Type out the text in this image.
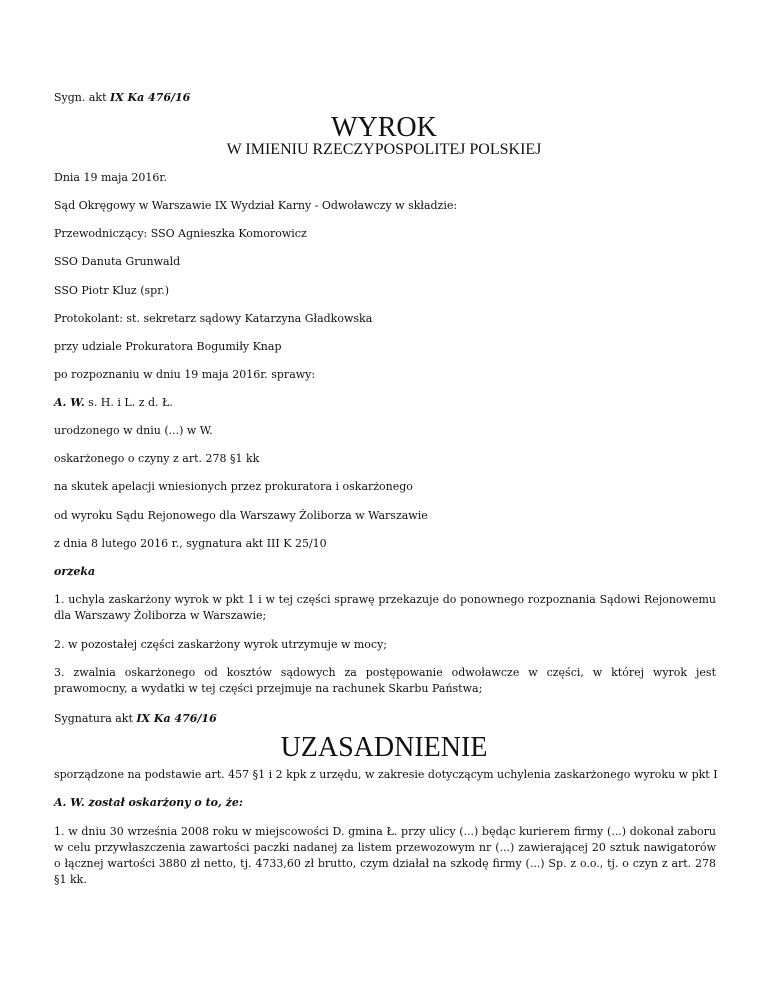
Sygn. akt IX Ka 476/16

WYROK
W IMIENIU RZECZYPOSPOLITEJ POLSKIEJ

Dnia 19 maja 2016r.

Sąd Okręgowy w Warszawie IX Wydział Karny - Odwoławczy w składzie:

Przewodniczący: SSO Agnieszka Komorowicz

SSO Danuta Grunwald

SSO Piotr Kluz (spr.)

Protokolant: st. sekretarz sądowy Katarzyna Gładkowska

przy udziale Prokuratora Bogumiły Knap

po rozpoznaniu w dniu 19 maja 2016r. sprawy:

A. W. s. H. i L. z d. Ł.

urodzonego w dniu (...) w W.

oskarżonego o czyny z art. 278 §1 kk

na skutek apelacji wniesionych przez prokuratora i oskarżonego

od wyroku Sądu Rejonowego dla Warszawy Żoliborza w Warszawie

z dnia 8 lutego 2016 r., sygnatura akt III K 25/10

orzeka

1. uchyla zaskarżony wyrok w pkt 1 i w tej części sprawę przekazuje do ponownego rozpoznania Sądowi Rejonowemu dla Warszawy Żoliborza w Warszawie;

2. w pozostałej części zaskarżony wyrok utrzymuje w mocy;

3. zwalnia oskarżonego od kosztów sądowych za postępowanie odwoławcze w części, w której wyrok jest prawomocny, a wydatki w tej części przejmuje na rachunek Skarbu Państwa;

Sygnatura akt IX Ka 476/16

UZASADNIENIE

sporządzone na podstawie art. 457 §1 i 2 kpk z urzędu, w zakresie dotyczącym uchylenia zaskarżonego wyroku w pkt I

A. W. został oskarżony o to, że:

1. w dniu 30 września 2008 roku w miejscowości D. gmina Ł. przy ulicy (...) będąc kurierem firmy (...) dokonał zaboru w celu przywłaszczenia zawartości paczki nadanej za listem przewozowym nr (...) zawierającej 20 sztuk nawigatorów o łącznej wartości 3880 zł netto, tj. 4733,60 zł brutto, czym działał na szkodę firmy (...) Sp. z o.o., tj. o czyn z art. 278 §1 kk.
